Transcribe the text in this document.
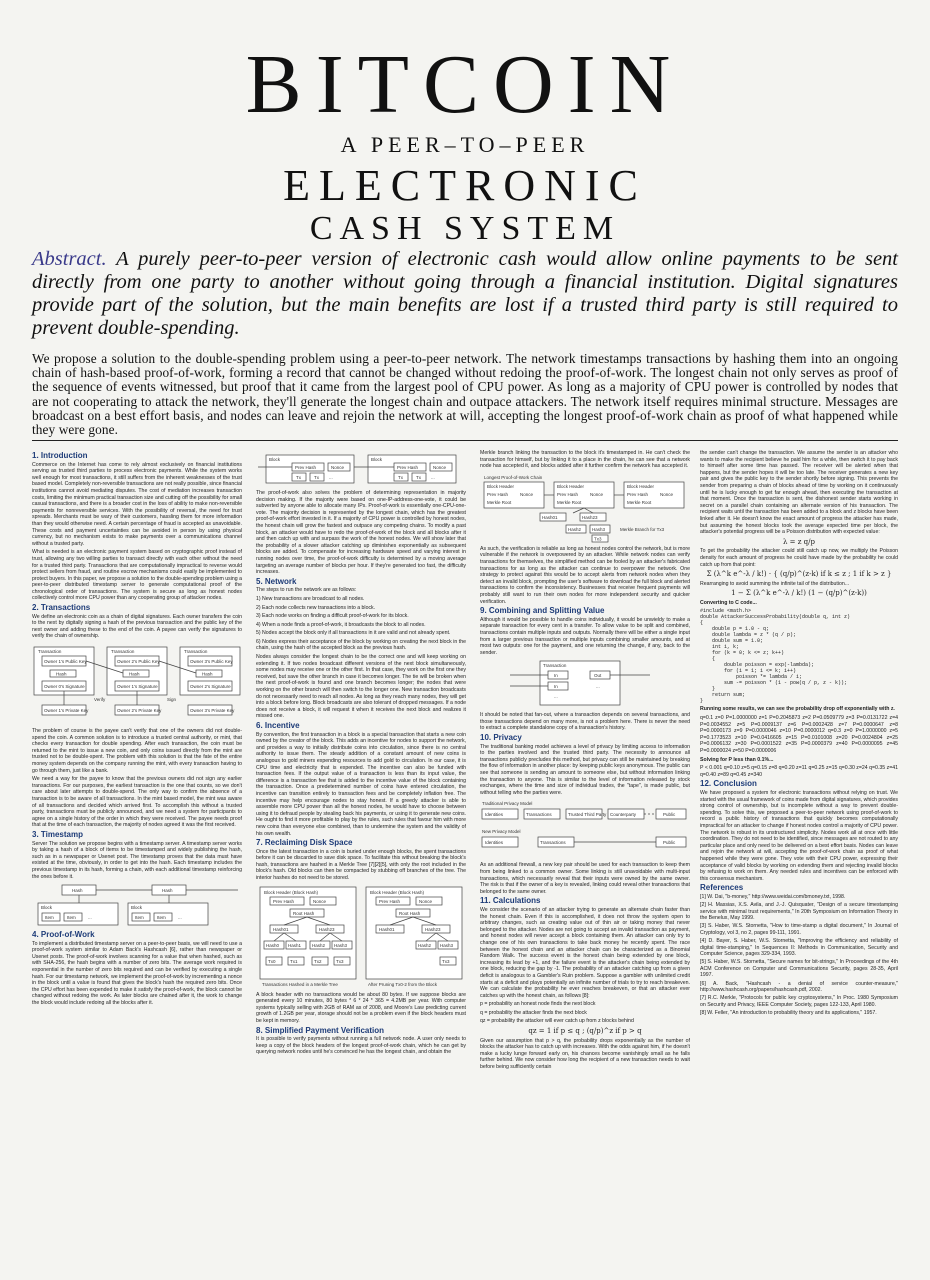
BITCOIN
A PEER–TO–PEER
ELECTRONIC
CASH SYSTEM
Abstract. A purely peer-to-peer version of electronic cash would allow online payments to be sent directly from one party to another without going through a financial institution. Digital signatures provide part of the solution, but the main benefits are lost if a trusted third party is still required to prevent double-spending.
We propose a solution to the double-spending problem using a peer-to-peer network. The network timestamps transactions by hashing them into an ongoing chain of hash-based proof-of-work, forming a record that cannot be changed without redoing the proof-of-work. The longest chain not only serves as proof of the sequence of events witnessed, but proof that it came from the largest pool of CPU power. As long as a majority of CPU power is controlled by nodes that are not cooperating to attack the network, they'll generate the longest chain and outpace attackers. The network itself requires minimal structure. Messages are broadcast on a best effort basis, and nodes can leave and rejoin the network at will, accepting the longest proof-of-work chain as proof of what happened while they were gone.
1. Introduction

Commerce on the Internet has come to rely almost exclusively on financial institutions serving as trusted third parties to process electronic payments. While the system works well enough for most transactions, it still suffers from the inherent weaknesses of the trust based model. Completely non-reversible transactions are not really possible, since financial institutions cannot avoid mediating disputes. The cost of mediation increases transaction costs, limiting the minimum practical transaction size and cutting off the possibility for small casual transactions, and there is a broader cost in the loss of ability to make non-reversible payments for nonreversible services. With the possibility of reversal, the need for trust spreads. Merchants must be wary of their customers, hassling them for more information than they would otherwise need. A certain percentage of fraud is accepted as unavoidable. These costs and payment uncertainties can be avoided in person by using physical currency, but no mechanism exists to make payments over a communications channel without a trusted party.

What is needed is an electronic payment system based on cryptographic proof instead of trust, allowing any two willing parties to transact directly with each other without the need for a trusted third party. Transactions that are computationally impractical to reverse would protect sellers from fraud, and routine escrow mechanisms could easily be implemented to protect buyers. In this paper, we propose a solution to the double-spending problem using a peer-to-peer distributed timestamp server to generate computational proof of the chronological order of transactions. The system is secure as long as honest nodes collectively control more CPU power than any cooperating group of attacker nodes.

2. Transactions

We define an electronic coin as a chain of digital signatures. Each owner transfers the coin to the next by digitally signing a hash of the previous transaction and the public key of the next owner and adding these to the end of the coin. A payee can verify the signatures to verify the chain of ownership.

Transaction	Transaction	Transaction
Owner 1's Public Key	Owner 2's Public Key	Owner 3's Public Key
Hash	Hash	Hash
Owner 0's Signature	Owner 1's Signature	Owner 2's Signature
Owner 1's Private Key	Owner 2's Private Key	Owner 3's Private Key
Verify	Sign

The problem of course is the payee can't verify that one of the owners did not double-spend the coin. A common solution is to introduce a trusted central authority, or mint, that checks every transaction for double spending. After each transaction, the coin must be returned to the mint to issue a new coin, and only coins issued directly from the mint are trusted not to be double-spent. The problem with this solution is that the fate of the entire money system depends on the company running the mint, with every transaction having to go through them, just like a bank.

We need a way for the payee to know that the previous owners did not sign any earlier transactions. For our purposes, the earliest transaction is the one that counts, so we don't care about later attempts to double-spend. The only way to confirm the absence of a transaction is to be aware of all transactions. In the mint based model, the mint was aware of all transactions and decided which arrived first. To accomplish this without a trusted party, transactions must be publicly announced, and we need a system for participants to agree on a single history of the order in which they were received. The payee needs proof that at the time of each transaction, the majority of nodes agreed it was the first received.

3. Timestamp

Server The solution we propose begins with a timestamp server. A timestamp server works by taking a hash of a block of items to be timestamped and widely publishing the hash, such as in a newspaper or Usenet post. The timestamp proves that the data must have existed at the time, obviously, in order to get into the hash. Each timestamp includes the previous timestamp in its hash, forming a chain, with each additional timestamp reinforcing the ones before it.

Hash	Hash
Block	Block
Item	Item	...	Item	Item	...
4. Proof-of-Work

To implement a distributed timestamp server on a peer-to-peer basis, we will need to use a proof-of-work system similar to Adam Back's Hashcash [6], rather than newspaper or Usenet posts. The proof-of-work involves scanning for a value that when hashed, such as with SHA-256, the hash begins with a number of zero bits. The average work required is exponential in the number of zero bits required and can be verified by executing a single hash. For our timestamp network, we implement the proof-of-work by incrementing a nonce in the block until a value is found that gives the block's hash the required zero bits. Once the CPU effort has been expended to make it satisfy the proof-of-work, the block cannot be changed without redoing the work. As later blocks are chained after it, the work to change the block would include redoing all the blocks after it.

Block	Block
Prev Hash	Nonce	Prev Hash	Nonce
Tx	Tx ...	Tx	Tx ...

The proof-of-work also solves the problem of determining representation in majority decision making. If the majority were based on one-IP-address-one-vote, it could be subverted by anyone able to allocate many IPs. Proof-of-work is essentially one-CPU-one-vote. The majority decision is represented by the longest chain, which has the greatest proof-of-work effort invested in it. If a majority of CPU power is controlled by honest nodes, the honest chain will grow the fastest and outpace any competing chains. To modify a past block, an attacker would have to redo the proof-of-work of the block and all blocks after it and then catch up with and surpass the work of the honest nodes. We will show later that the probability of a slower attacker catching up diminishes exponentially as subsequent blocks are added. To compensate for increasing hardware speed and varying interest in running nodes over time, the proof-of-work difficulty is determined by a moving average targeting an average number of blocks per hour. If they're generated too fast, the difficulty increases.

5. Network

The steps to run the network are as follows:

1) New transactions are broadcast to all nodes.

2) Each node collects new transactions into a block.

3) Each node works on finding a difficult proof-of-work for its block.

4) When a node finds a proof-of-work, it broadcasts the block to all nodes.

5) Nodes accept the block only if all transactions in it are valid and not already spent.

6) Nodes express their acceptance of the block by working on creating the next block in the chain, using the hash of the accepted block as the previous hash.

Nodes always consider the longest chain to be the correct one and will keep working on extending it. If two nodes broadcast different versions of the next block simultaneously, some nodes may receive one or the other first. In that case, they work on the first one they received, but save the other branch in case it becomes longer. The tie will be broken when the next proof-of-work is found and one branch becomes longer; the nodes that were working on the other branch will then switch to the longer one. New transaction broadcasts do not necessarily need to reach all nodes. As long as they reach many nodes, they will get into a block before long. Block broadcasts are also tolerant of dropped messages. If a node does not receive a block, it will request it when it receives the next block and realizes it missed one.

6. Incentive

By convention, the first transaction in a block is a special transaction that starts a new coin owned by the creator of the block. This adds an incentive for nodes to support the network, and provides a way to initially distribute coins into circulation, since there is no central authority to issue them. The steady addition of a constant amount of new coins is analogous to gold miners expending resources to add gold to circulation. In our case, it is CPU time and electricity that is expended. The incentive can also be funded with transaction fees. If the output value of a transaction is less than its input value, the difference is a transaction fee that is added to the incentive value of the block containing the transaction. Once a predetermined number of coins have entered circulation, the incentive can transition entirely to transaction fees and be completely inflation free. The incentive may help encourage nodes to stay honest. If a greedy attacker is able to assemble more CPU power than all the honest nodes, he would have to choose between using it to defraud people by stealing back his payments, or using it to generate new coins. He ought to find it more profitable to play by the rules, such rules that favour him with more new coins than everyone else combined, than to undermine the system and the validity of his own wealth.

7. Reclaiming Disk Space

Once the latest transaction in a coin is buried under enough blocks, the spent transactions before it can be discarded to save disk space. To facilitate this without breaking the block's hash, transactions are hashed in a Merkle Tree [7][2][5], with only the root included in the block's hash. Old blocks can then be compacted by stubbing off branches of the tree. The interior hashes do not need to be stored.

Block Header (Block Hash)	Block Header (Block Hash)
Prev Hash	Nonce	Prev Hash	Nonce
Root Hash	Root Hash
Hash01	Hash23	Hash01	Hash23
Hash0 Hash1 Hash2 Hash3	Hash2 Hash3
Tx0	Tx1	Tx2	Tx3	Tx3
Transactions Hashed in a Merkle Tree	After Pruning Tx0-2 from the Block

A block header with no transactions would be about 80 bytes. If we suppose blocks are generated every 10 minutes, 80 bytes * 6 * 24 * 365 = 4.2MB per year. With computer systems typically selling with 2GB of RAM as of 2008, and Moore's Law predicting current growth of 1.2GB per year, storage should not be a problem even if the block headers must be kept in memory.

8. Simplified Payment Verification

It is possible to verify payments without running a full network node. A user only needs to keep a copy of the block headers of the longest proof-of-work chain, which he can get by querying network nodes until he's convinced he has the longest chain, and obtain the

Merkle branch linking the transaction to the block it's timestamped in. He can't check the transaction for himself, but by linking it to a place in the chain, he can see that a network node has accepted it, and blocks added after it further confirm the network has accepted it.

Longest Proof-of-Work Chain
Block Header	Block Header	Block Header
Prev Hash	Nonce	Prev Hash	Nonce	Prev Hash	Nonce
Merkle Root	Merkle Root	Merkle Root
Hash01	Hash23
Hash2 Hash3
Tx3
Merkle Branch for Tx3

As such, the verification is reliable as long as honest nodes control the network, but is more vulnerable if the network is overpowered by an attacker. While network nodes can verify transactions for themselves, the simplified method can be fooled by an attacker's fabricated transactions for as long as the attacker can continue to overpower the network. One strategy to protect against this would be to accept alerts from network nodes when they detect an invalid block, prompting the user's software to download the full block and alerted transactions to confirm the inconsistency. Businesses that receive frequent payments will probably still want to run their own nodes for more independent security and quicker verification.

9. Combining and Splitting Value

Although it would be possible to handle coins individually, it would be unwieldy to make a separate transaction for every cent in a transfer. To allow value to be split and combined, transactions contain multiple inputs and outputs. Normally there will be either a single input from a larger previous transaction or multiple inputs combining smaller amounts, and at most two outputs: one for the payment, and one returning the change, if any, back to the sender.

Transaction
In
In
...
Out
...

It should be noted that fan-out, where a transaction depends on several transactions, and those transactions depend on many more, is not a problem here. There is never the need to extract a complete standalone copy of a transaction's history.

10. Privacy

The traditional banking model achieves a level of privacy by limiting access to information to the parties involved and the trusted third party. The necessity to announce all transactions publicly precludes this method, but privacy can still be maintained by breaking the flow of information in another place: by keeping public keys anonymous. The public can see that someone is sending an amount to someone else, but without information linking the transaction to anyone. This is similar to the level of information released by stock exchanges, where the time and size of individual trades, the "tape", is made public, but without telling who the parties were.

Traditional Privacy Model
Identities	Transactions	Trusted Third Party Counterparty	Public
New Privacy Model
Identities	Transactions	Public

As an additional firewall, a new key pair should be used for each transaction to keep them from being linked to a common owner. Some linking is still unavoidable with multi-input transactions, which necessarily reveal that their inputs were owned by the same owner. The risk is that if the owner of a key is revealed, linking could reveal other transactions that belonged to the same owner.

11. Calculations

We consider the scenario of an attacker trying to generate an alternate chain faster than the honest chain. Even if this is accomplished, it does not throw the system open to arbitrary changes, such as creating value out of thin air or taking money that never belonged to the attacker. Nodes are not going to accept an invalid transaction as payment, and honest nodes will never accept a block containing them. An attacker can only try to change one of his own transactions to take back money he recently spent. The race between the honest chain and an attacker chain can be characterized as a Binomial Random Walk. The success event is the honest chain being extended by one block, increasing its lead by +1, and the failure event is the attacker's chain being extended by one block, reducing the gap by -1. The probability of an attacker catching up from a given deficit is analogous to a Gambler's Ruin problem. Suppose a gambler with unlimited credit starts at a deficit and plays potentially an infinite number of trials to try to reach breakeven. We can calculate the probability he ever reaches breakeven, or that an attacker ever catches up with the honest chain, as follows [8]:

p = probability an honest node finds the next block

q = probability the attacker finds the next block

qz = probability the attacker will ever catch up from z blocks behind

qz = 1 if p ≤ q ; (q/p)^z if p > q

Given our assumption that p > q, the probability drops exponentially as the number of blocks the attacker has to catch up with increases. With the odds against him, if he doesn't make a lucky lunge forward early on, his chances become vanishingly small as he falls further behind. We now consider how long the recipient of a new transaction needs to wait before being sufficiently certain

the sender can't change the transaction. We assume the sender is an attacker who wants to make the recipient believe he paid him for a while, then switch it to pay back to himself after some time has passed. The receiver will be alerted when that happens, but the sender hopes it will be too late. The receiver generates a new key pair and gives the public key to the sender shortly before signing. This prevents the sender from preparing a chain of blocks ahead of time by working on it continuously until he is lucky enough to get far enough ahead, then executing the transaction at that moment. Once the transaction is sent, the dishonest sender starts working in secret on a parallel chain containing an alternate version of his transaction. The recipient waits until the transaction has been added to a block and z blocks have been linked after it. He doesn't know the exact amount of progress the attacker has made, but assuming the honest blocks took the average expected time per block, the attacker's potential progress will be a Poisson distribution with expected value:

λ = z q/p

To get the probability the attacker could still catch up now, we multiply the Poisson density for each amount of progress he could have made by the probability he could catch up from that point:

Σ (λ^k e^-λ / k!) · { (q/p)^(z-k) if k ≤ z ; 1 if k > z }

Rearranging to avoid summing the infinite tail of the distribution...

1 − Σ (λ^k e^-λ / k!) (1 − (q/p)^(z-k))

Converting to C code...

#include <math.h>
double AttackerSuccessProbability(double q, int z)
{
double p = 1.0 - q;
double lambda = z * (q / p);
double sum = 1.0;
int i, k;
for (k = 0; k <= z; k++)
{
double poisson = exp(-lambda);
for (i = 1; i <= k; i++)
poisson *= lambda / i;
sum -= poisson * (1 - pow(q / p, z - k));
}
return sum;
}

Running some results, we can see the probability drop off exponentially with z.

q=0.1 z=0 P=1.0000000 z=1 P=0.2045873 z=2 P=0.0509779 z=3 P=0.0131722 z=4 P=0.0034552 z=5 P=0.0009137 z=6 P=0.0002428 z=7 P=0.0000647 z=8 P=0.0000173 z=9 P=0.0000046 z=10 P=0.0000012 q=0.3 z=0 P=1.0000000 z=5 P=0.1773523 z=10 P=0.0416605 z=15 P=0.0101008 z=20 P=0.0024804 z=25 P=0.0006132 z=30 P=0.0001522 z=35 P=0.0000379 z=40 P=0.0000095 z=45 P=0.0000024 z=50 P=0.0000006

Solving for P less than 0.1%...

P < 0.001 q=0.10 z=5 q=0.15 z=8 q=0.20 z=11 q=0.25 z=15 q=0.30 z=24 q=0.35 z=41 q=0.40 z=89 q=0.45 z=340

12. Conclusion

We have proposed a system for electronic transactions without relying on trust. We started with the usual framework of coins made from digital signatures, which provides strong control of ownership, but is incomplete without a way to prevent double-spending. To solve this, we proposed a peer-to-peer network using proof-of-work to record a public history of transactions that quickly becomes computationally impractical for an attacker to change if honest nodes control a majority of CPU power. The network is robust in its unstructured simplicity. Nodes work all at once with little coordination. They do not need to be identified, since messages are not routed to any particular place and only need to be delivered on a best effort basis. Nodes can leave and rejoin the network at will, accepting the proof-of-work chain as proof of what happened while they were gone. They vote with their CPU power, expressing their acceptance of valid blocks by working on extending them and rejecting invalid blocks by refusing to work on them. Any needed rules and incentives can be enforced with this consensus mechanism.

References

[1] W. Dai, "b-money," http://www.weidai.com/bmoney.txt, 1998.

[2] H. Massias, X.S. Avila, and J.-J. Quisquater, "Design of a secure timestamping service with minimal trust requirements," In 20th Symposium on Information Theory in the Benelux, May 1999.

[3] S. Haber, W.S. Stornetta, "How to time-stamp a digital document," In Journal of Cryptology, vol 3, no 2, pages 99-111, 1991.

[4] D. Bayer, S. Haber, W.S. Stornetta, "Improving the efficiency and reliability of digital time-stamping," In Sequences II: Methods in Communication, Security and Computer Science, pages 329-334, 1993.

[5] S. Haber, W.S. Stornetta, "Secure names for bit-strings," In Proceedings of the 4th ACM Conference on Computer and Communications Security, pages 28-35, April 1997.

[6] A. Back, "Hashcash - a denial of service counter-measure," http://www.hashcash.org/papers/hashcash.pdf, 2002.

[7] R.C. Merkle, "Protocols for public key cryptosystems," In Proc. 1980 Symposium on Security and Privacy, IEEE Computer Society, pages 122-133, April 1980.

[8] W. Feller, "An introduction to probability theory and its applications," 1957.
